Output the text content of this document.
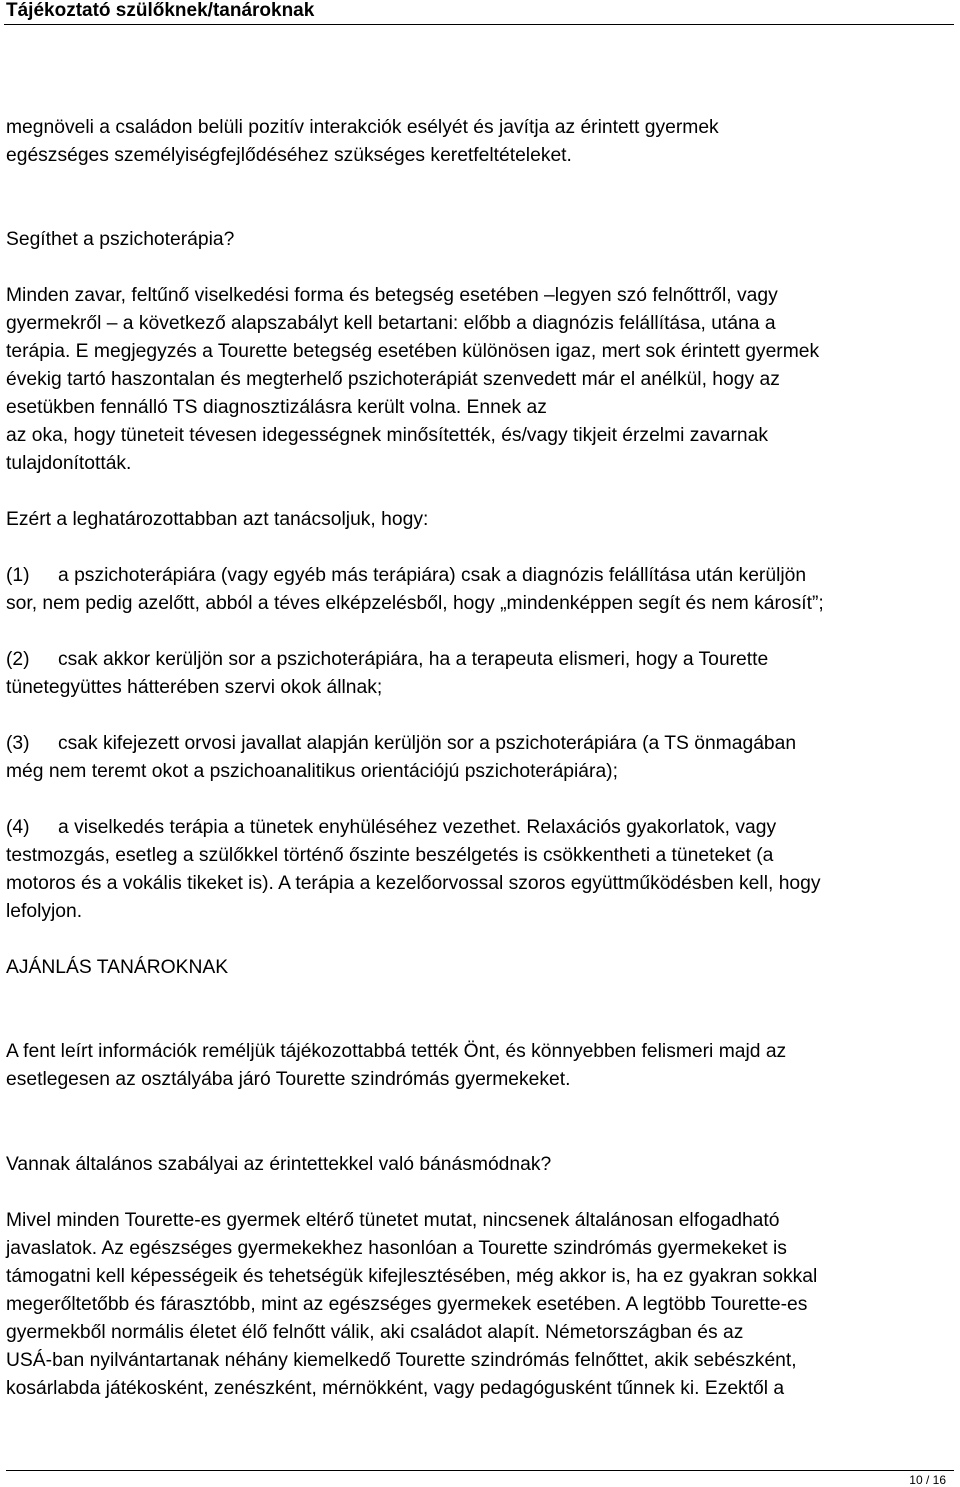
Tájékoztató szülőknek/tanároknak
megnöveli a családon belüli pozitív interakciók esélyét és javítja az érintett gyermek
egészséges személyiségfejlődéséhez szükséges keretfeltételeket.
Segíthet a pszichoterápia?
Minden zavar, feltűnő viselkedési forma és betegség esetében –legyen szó felnőttről, vagy
gyermekről – a következő alapszabályt kell betartani: előbb a diagnózis felállítása, utána a
terápia. E megjegyzés a Tourette betegség esetében különösen igaz, mert sok érintett gyermek
évekig tartó haszontalan és megterhelő pszichoterápiát szenvedett már el anélkül, hogy az
esetükben fennálló TS diagnosztizálásra került volna. Ennek az
az oka, hogy tüneteit tévesen idegességnek minősítették, és/vagy tikjeit érzelmi zavarnak
tulajdonították.
Ezért a leghatározottabban azt tanácsoljuk, hogy:
(1) a pszichoterápiára (vagy egyéb más terápiára) csak a diagnózis felállítása után kerüljön
sor, nem pedig azelőtt, abból a téves elképzelésből, hogy „mindenképpen segít és nem károsít”;
(2) csak akkor kerüljön sor a pszichoterápiára, ha a terapeuta elismeri, hogy a Tourette
tünetegyüttes hátterében szervi okok állnak;
(3) csak kifejezett orvosi javallat alapján kerüljön sor a pszichoterápiára (a TS önmagában
még nem teremt okot a pszichoanalitikus orientációjú pszichoterápiára);
(4) a viselkedés terápia a tünetek enyhüléséhez vezethet. Relaxációs gyakorlatok, vagy
testmozgás, esetleg a szülőkkel történő őszinte beszélgetés is csökkentheti a tüneteket (a
motoros és a vokális tikeket is). A terápia a kezelőorvossal szoros együttműködésben kell, hogy
lefolyjon.
AJÁNLÁS TANÁROKNAK
A fent leírt információk reméljük tájékozottabbá tették Önt, és könnyebben felismeri majd az
esetlegesen az osztályába járó Tourette szindrómás gyermekeket.
Vannak általános szabályai az érintettekkel való bánásmódnak?
Mivel minden Tourette-es gyermek eltérő tünetet mutat, nincsenek általánosan elfogadható
javaslatok. Az egészséges gyermekekhez hasonlóan a Tourette szindrómás gyermekeket is
támogatni kell képességeik és tehetségük kifejlesztésében, még akkor is, ha ez gyakran sokkal
megerőltetőbb és fárasztóbb, mint az egészséges gyermekek esetében. A legtöbb Tourette-es
gyermekből normális életet élő felnőtt válik, aki családot alapít. Németországban és az
USÁ-ban nyilvántartanak néhány kiemelkedő Tourette szindrómás felnőttet, akik sebészként,
kosárlabda játékosként, zenészként, mérnökként, vagy pedagógusként tűnnek ki. Ezektől a
10 / 16
